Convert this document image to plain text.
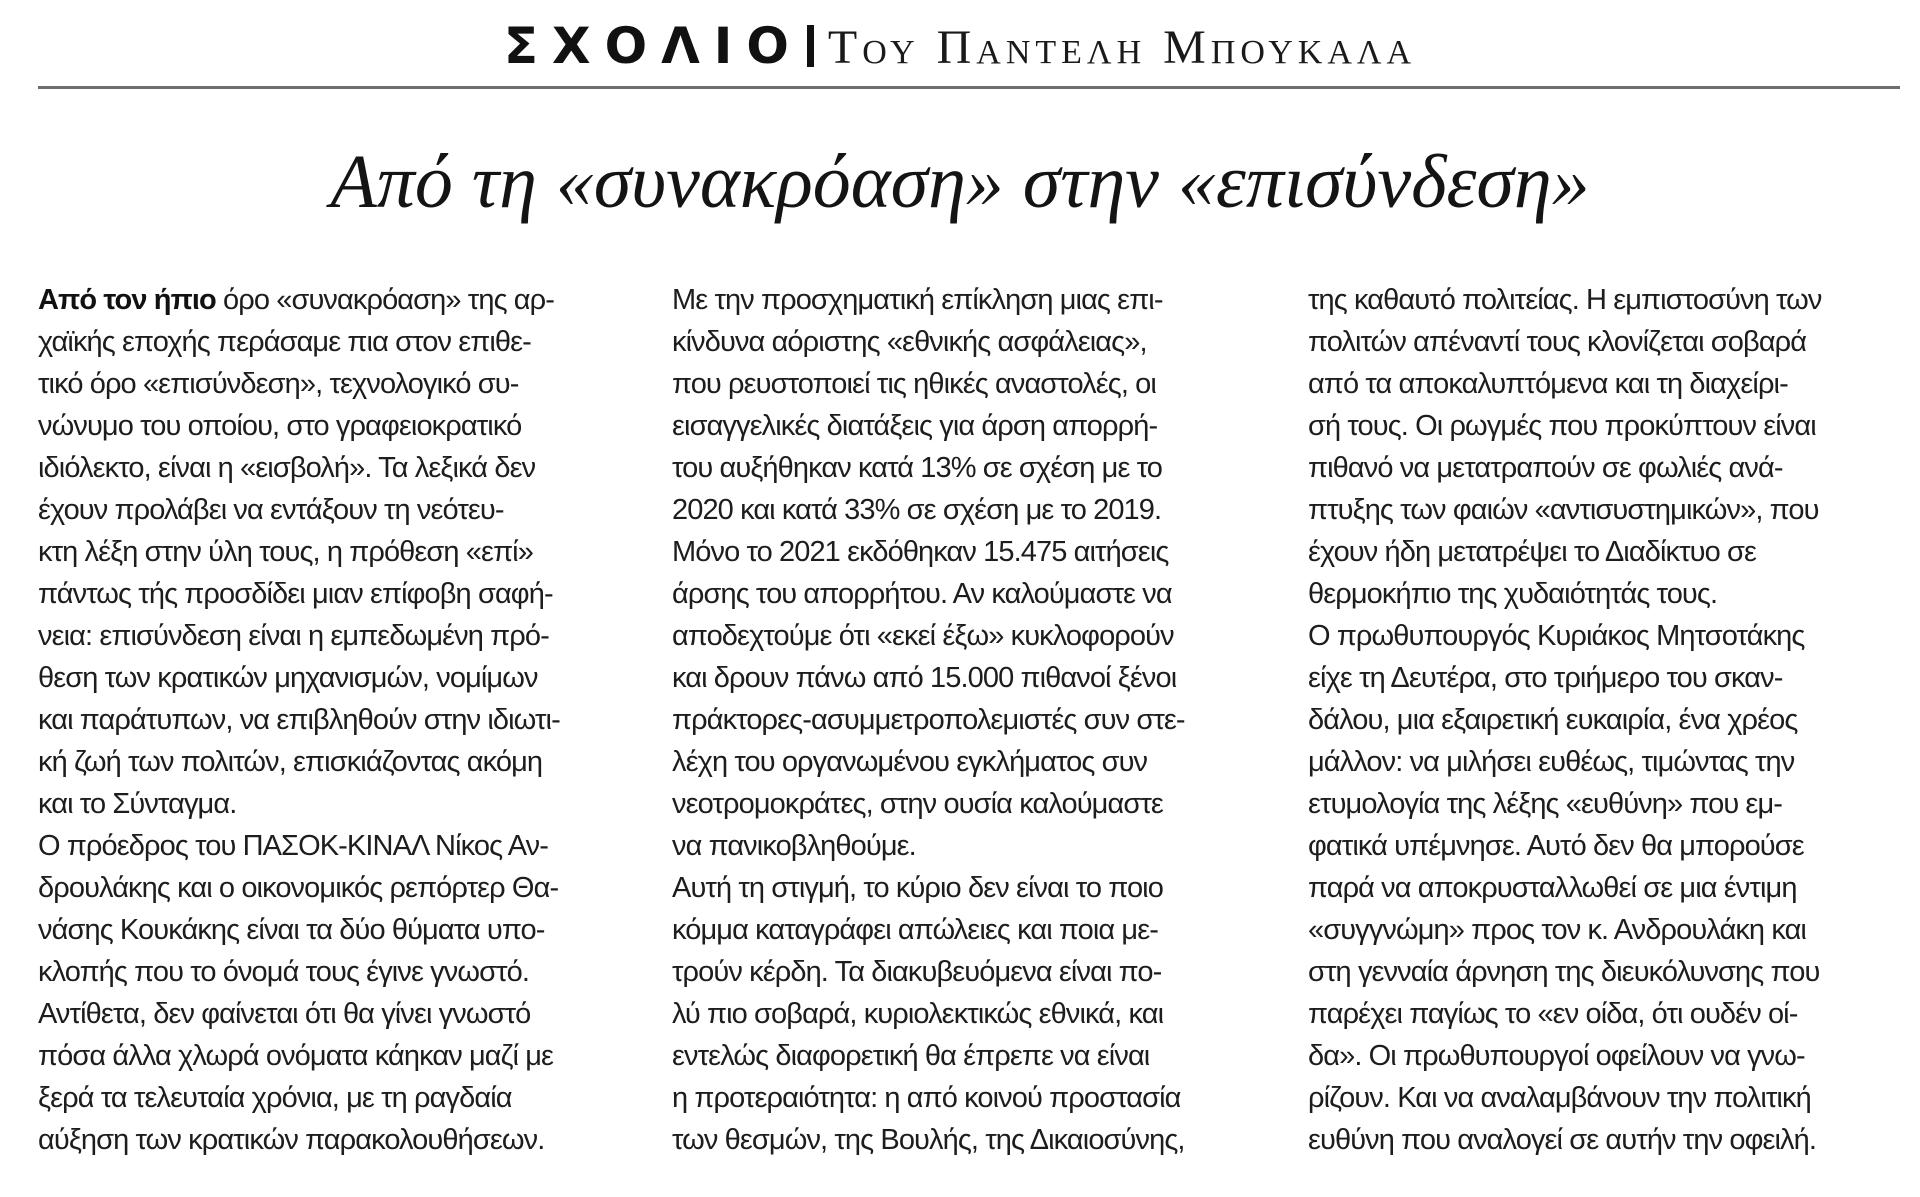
ΣΧΟΛΙΟ Του Παντελη Μπουκαλα
Από τη «συνακρόαση» στην «επισύνδεση»
Από τον ήπιο όρο «συνακρόαση» της αρ-
χαϊκής εποχής περάσαμε πια στον επιθε-
τικό όρο «επισύνδεση», τεχνολογικό συ-
νώνυμο του οποίου, στο γραφειοκρατικό
ιδιόλεκτο, είναι η «εισβολή». Τα λεξικά δεν
έχουν προλάβει να εντάξουν τη νεότευ-
κτη λέξη στην ύλη τους, η πρόθεση «επί»
πάντως τής προσδίδει μιαν επίφοβη σαφή-
νεια: επισύνδεση είναι η εμπεδωμένη πρό-
θεση των κρατικών μηχανισμών, νομίμων
και παράτυπων, να επιβληθούν στην ιδιωτι-
κή ζωή των πολιτών, επισκιάζοντας ακόμη
και το Σύνταγμα.
Ο πρόεδρος του ΠΑΣΟΚ-ΚΙΝΑΛ Νίκος Αν-
δρουλάκης και ο οικονομικός ρεπόρτερ Θα-
νάσης Κουκάκης είναι τα δύο θύματα υπο-
κλοπής που το όνομά τους έγινε γνωστό.
Αντίθετα, δεν φαίνεται ότι θα γίνει γνωστό
πόσα άλλα χλωρά ονόματα κάηκαν μαζί με
ξερά τα τελευταία χρόνια, με τη ραγδαία
αύξηση των κρατικών παρακολουθήσεων.
Με την προσχηματική επίκληση μιας επι-
κίνδυνα αόριστης «εθνικής ασφάλειας»,
που ρευστοποιεί τις ηθικές αναστολές, οι
εισαγγελικές διατάξεις για άρση απορρή-
του αυξήθηκαν κατά 13% σε σχέση με το
2020 και κατά 33% σε σχέση με το 2019.
Μόνο το 2021 εκδόθηκαν 15.475 αιτήσεις
άρσης του απορρήτου. Αν καλούμαστε να
αποδεχτούμε ότι «εκεί έξω» κυκλοφορούν
και δρουν πάνω από 15.000 πιθανοί ξένοι
πράκτορες-ασυμμετροπολεμιστές συν στε-
λέχη του οργανωμένου εγκλήματος συν
νεοτρομοκράτες, στην ουσία καλούμαστε
να πανικοβληθούμε.
Αυτή τη στιγμή, το κύριο δεν είναι το ποιο
κόμμα καταγράφει απώλειες και ποια με-
τρούν κέρδη. Τα διακυβευόμενα είναι πο-
λύ πιο σοβαρά, κυριολεκτικώς εθνικά, και
εντελώς διαφορετική θα έπρεπε να είναι
η προτεραιότητα: η από κοινού προστασία
των θεσμών, της Βουλής, της Δικαιοσύνης,
της καθαυτό πολιτείας. Η εμπιστοσύνη των
πολιτών απέναντί τους κλονίζεται σοβαρά
από τα αποκαλυπτόμενα και τη διαχείρι-
σή τους. Οι ρωγμές που προκύπτουν είναι
πιθανό να μετατραπούν σε φωλιές ανά-
πτυξης των φαιών «αντισυστημικών», που
έχουν ήδη μετατρέψει το Διαδίκτυο σε
θερμοκήπιο της χυδαιότητάς τους.
Ο πρωθυπουργός Κυριάκος Μητσοτάκης
είχε τη Δευτέρα, στο τριήμερο του σκαν-
δάλου, μια εξαιρετική ευκαιρία, ένα χρέος
μάλλον: να μιλήσει ευθέως, τιμώντας την
ετυμολογία της λέξης «ευθύνη» που εμ-
φατικά υπέμνησε. Αυτό δεν θα μπορούσε
παρά να αποκρυσταλλωθεί σε μια έντιμη
«συγγνώμη» προς τον κ. Ανδρουλάκη και
στη γενναία άρνηση της διευκόλυνσης που
παρέχει παγίως το «εν οίδα, ότι ουδέν οί-
δα». Οι πρωθυπουργοί οφείλουν να γνω-
ρίζουν. Και να αναλαμβάνουν την πολιτική
ευθύνη που αναλογεί σε αυτήν την οφειλή.
